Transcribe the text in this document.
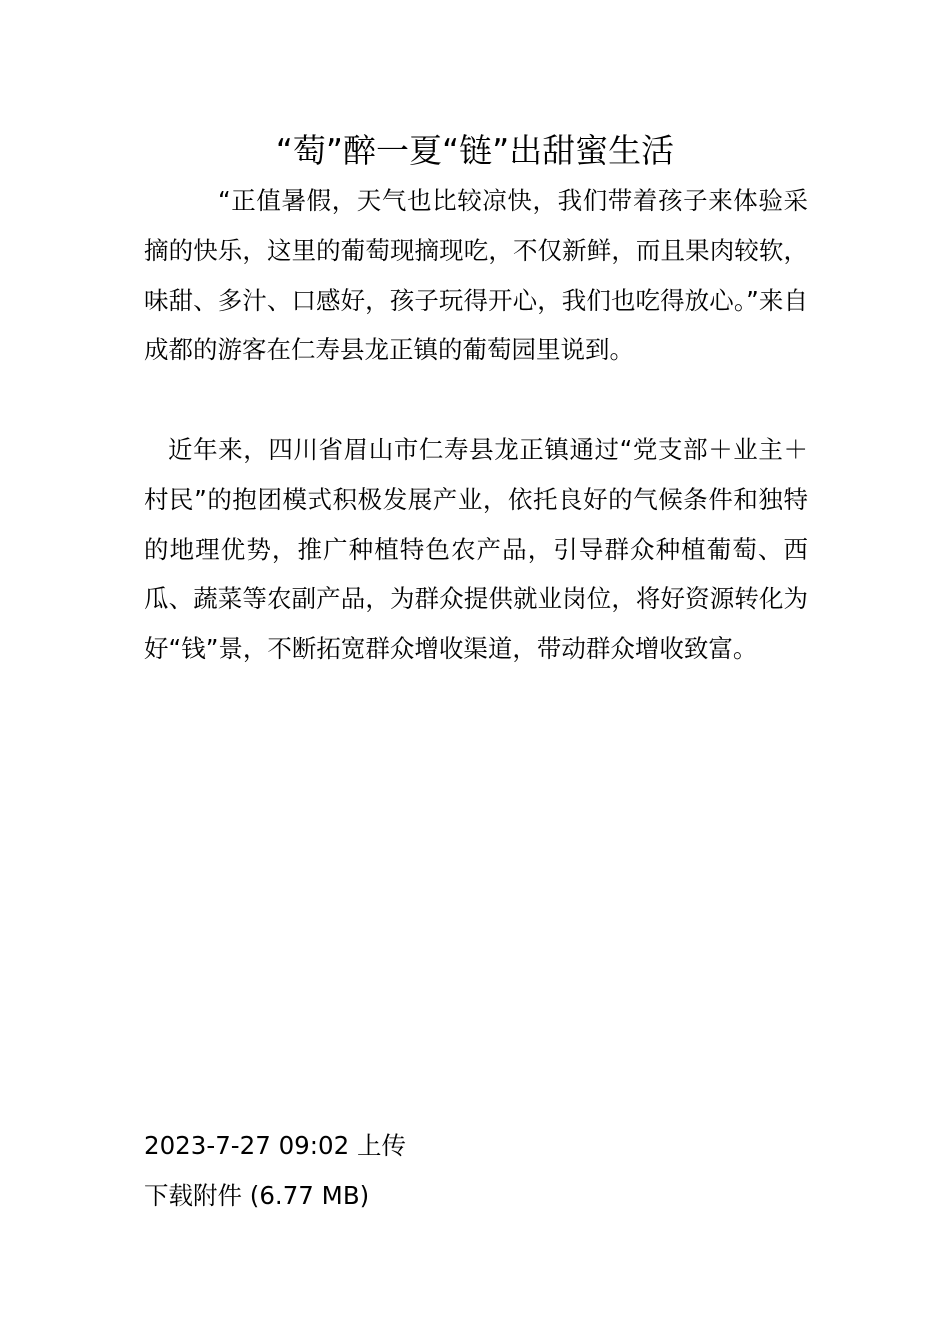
“萄”醉一夏“链”出甜蜜生活

“正值暑假，天气也比较凉快，我们带着孩子来体验采摘的快乐，这里的葡萄现摘现吃，不仅新鲜，而且果肉较软，味甜、多汁、口感好，孩子玩得开心，我们也吃得放心。”来自成都的游客在仁寿县龙正镇的葡萄园里说到。

近年来，四川省眉山市仁寿县龙正镇通过“党支部＋业主＋村民”的抱团模式积极发展产业，依托良好的气候条件和独特的地理优势，推广种植特色农产品，引导群众种植葡萄、西瓜、蔬菜等农副产品，为群众提供就业岗位，将好资源转化为好“钱”景，不断拓宽群众增收渠道，带动群众增收致富。

2023-7-27 09:02 上传
下载附件 (6.77 MB)
